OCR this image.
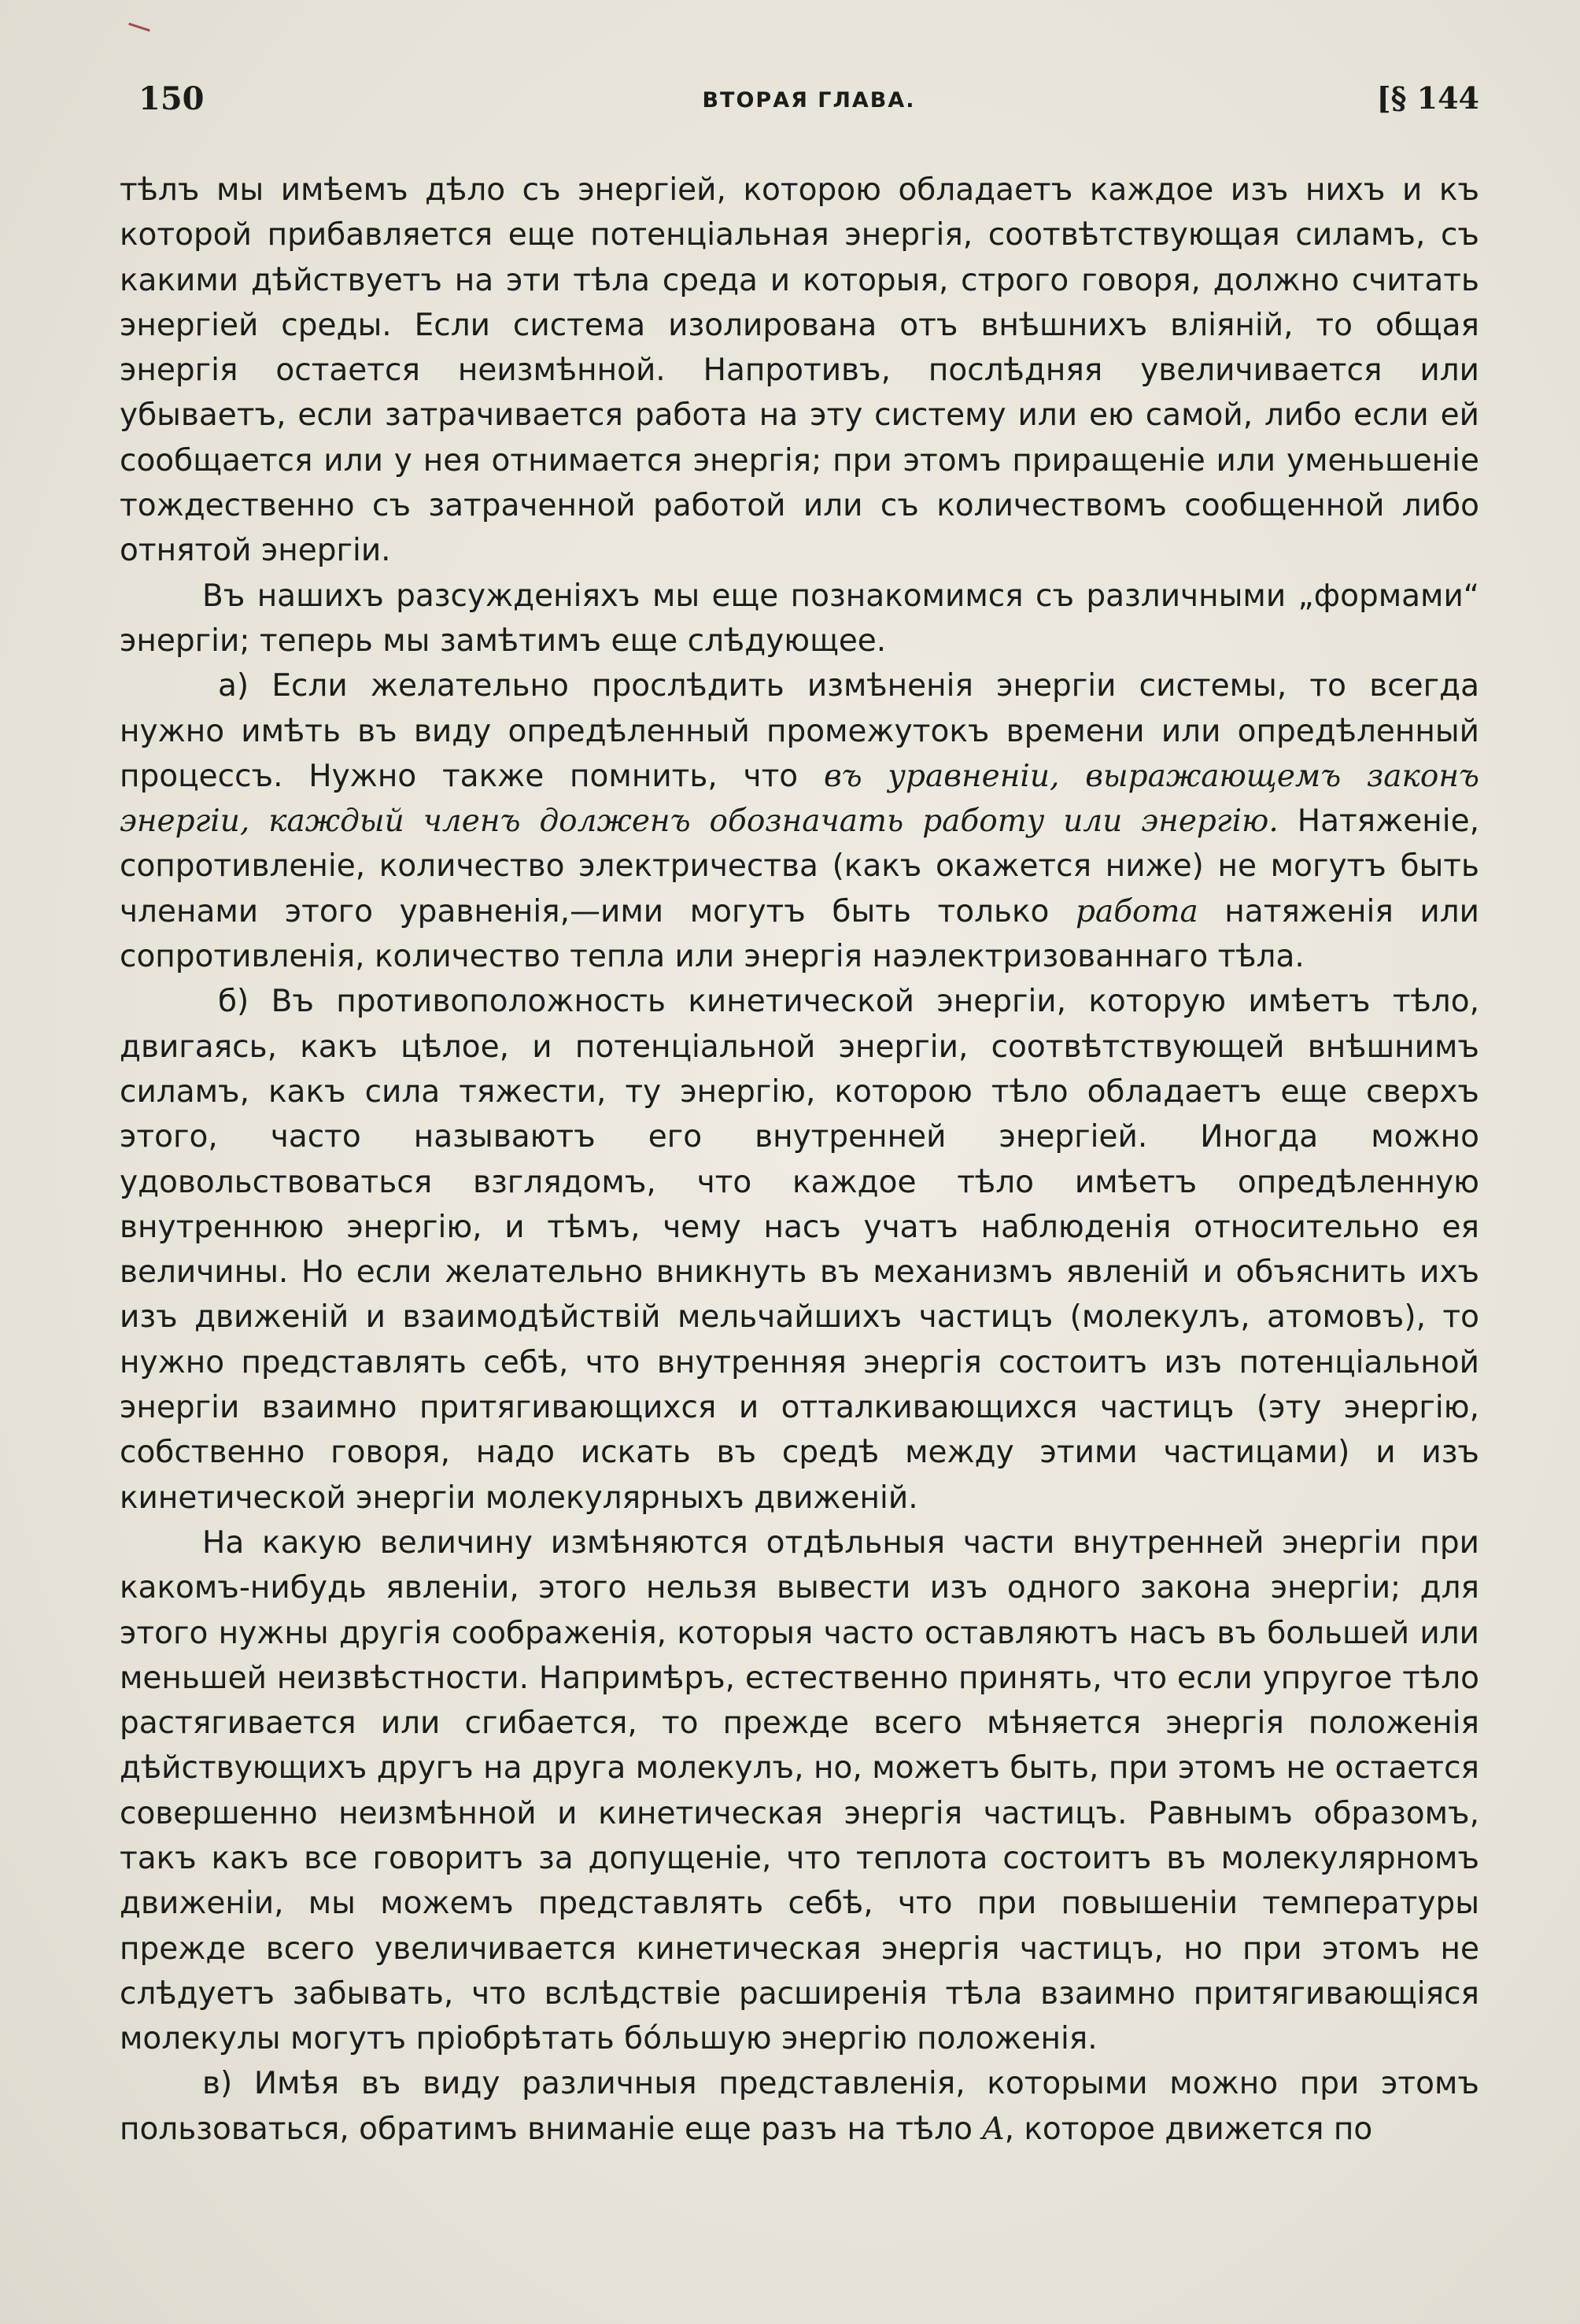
150	ВТОРАЯ ГЛАВА.	[§ 144

тѣлъ мы имѣемъ дѣло съ энергiей, которою обладаетъ каждое изъ нихъ и къ которой прибавляется еще потенцiальная энергiя, соотвѣтствующая силамъ, съ какими дѣйствуетъ на эти тѣла среда и которыя, строго говоря, должно считать энергiей среды. Если система изолирована отъ внѣшнихъ влiянiй, то общая энергiя остается неизмѣнной. Напротивъ, послѣдняя увеличивается или убываетъ, если затрачивается работа на эту систему или ею самой, либо если ей сообщается или у нея отнимается энергiя; при этомъ приращенiе или уменьшенiе тождественно съ затраченной работой или съ количествомъ сообщенной либо отнятой энергiи.

Въ нашихъ разсужденiяхъ мы еще познакомимся съ различными „формами“ энергiи; теперь мы замѣтимъ еще слѣдующее.

а) Если желательно прослѣдить измѣненiя энергiи системы, то всегда нужно имѣть въ виду опредѣленный промежутокъ времени или опредѣленный процессъ. Нужно также помнить, что въ уравненiи, выражающемъ законъ энергiи, каждый членъ долженъ обозначать работу или энергiю. Натяженiе, сопротивленiе, количество электричества (какъ окажется ниже) не могутъ быть членами этого уравненiя,—ими могутъ быть только работа натяженiя или сопротивленiя, количество тепла или энергiя наэлектризованнаго тѣла.

б) Въ противоположность кинетической энергiи, которую имѣетъ тѣло, двигаясь, какъ цѣлое, и потенцiальной энергiи, соотвѣтствующей внѣшнимъ силамъ, какъ сила тяжести, ту энергiю, которою тѣло обладаетъ еще сверхъ этого, часто называютъ его внутренней энергiей. Иногда можно удовольствоваться взглядомъ, что каждое тѣло имѣетъ опредѣленную внутреннюю энергiю, и тѣмъ, чему насъ учатъ наблюденiя относительно ея величины. Но если желательно вникнуть въ механизмъ явленiй и объяснить ихъ изъ движенiй и взаимодѣйствiй мельчайшихъ частицъ (молекулъ, атомовъ), то нужно представлять себѣ, что внутренняя энергiя состоитъ изъ потенцiальной энергiи взаимно притягивающихся и отталкивающихся частицъ (эту энергiю, собственно говоря, надо искать въ средѣ между этими частицами) и изъ кинетической энергiи молекулярныхъ движенiй.

На какую величину измѣняются отдѣльныя части внутренней энергiи при какомъ-нибудь явленiи, этого нельзя вывести изъ одного закона энергiи; для этого нужны другiя соображенiя, которыя часто оставляютъ насъ въ большей или меньшей неизвѣстности. Напримѣръ, естественно принять, что если упругое тѣло растягивается или сгибается, то прежде всего мѣняется энергiя положенiя дѣйствующихъ другъ на друга молекулъ, но, можетъ быть, при этомъ не остается совершенно неизмѣнной и кинетическая энергiя частицъ. Равнымъ образомъ, такъ какъ все говоритъ за допущенiе, что теплота состоитъ въ молекулярномъ движенiи, мы можемъ представлять себѣ, что при повышенiи температуры прежде всего увеличивается кинетическая энергiя частицъ, но при этомъ не слѣдуетъ забывать, что вслѣдствiе расширенiя тѣла взаимно притягивающiяся молекулы могутъ прiобрѣтать бóльшую энергiю положенiя.

в) Имѣя въ виду различныя представленiя, которыми можно при этомъ пользоваться, обратимъ вниманiе еще разъ на тѣло A, которое движется по
